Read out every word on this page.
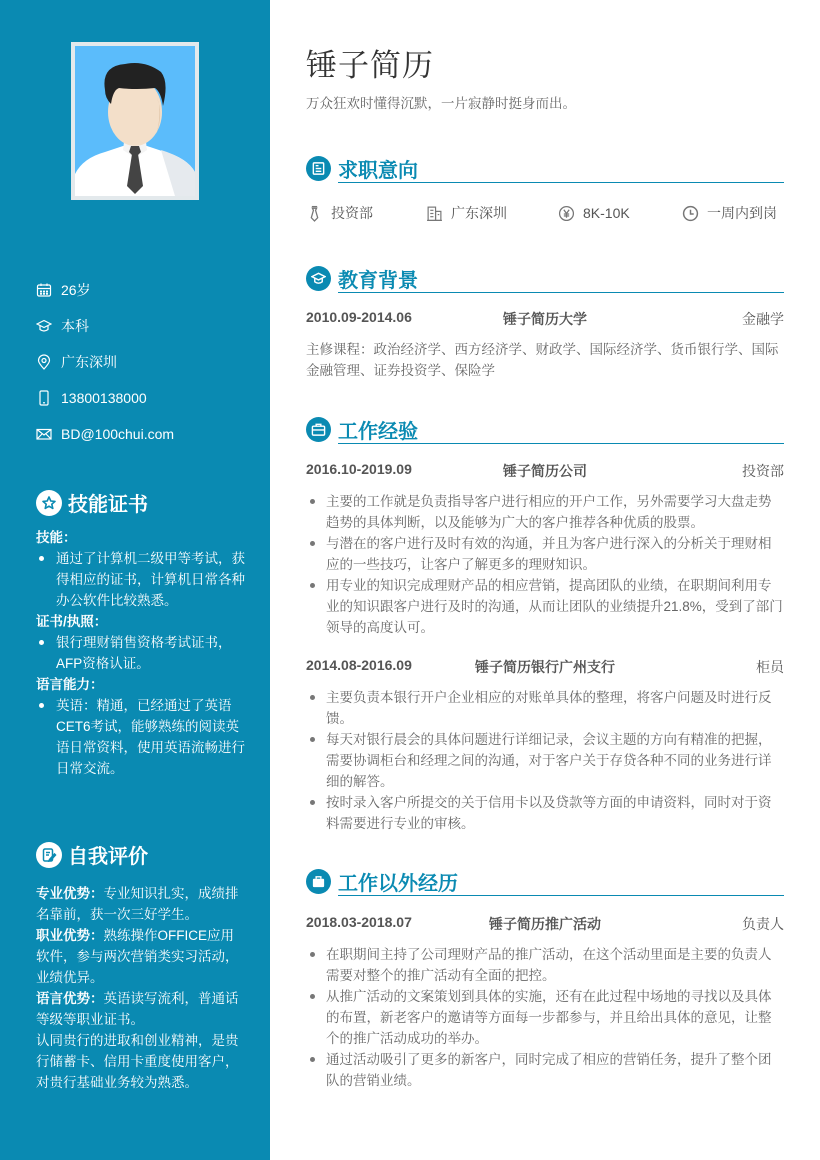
26岁
本科
广东深圳
13800138000
BD@100chui.com
技能证书
技能：
通过了计算机二级甲等考试，获得相应的证书，计算机日常各种办公软件比较熟悉。
证书/执照：
银行理财销售资格考试证书，AFP资格认证。
语言能力：
英语：精通，已经通过了英语CET6考试，能够熟练的阅读英语日常资料，使用英语流畅进行日常交流。
自我评价

专业优势：专业知识扎实，成绩排名靠前，获一次三好学生。

职业优势：熟练操作OFFICE应用软件，参与两次营销类实习活动，业绩优异。

语言优势：英语读写流利，普通话等级等职业证书。

认同贵行的进取和创业精神，是贵行储蓄卡、信用卡重度使用客户，对贵行基础业务较为熟悉。

锤子简历
万众狂欢时懂得沉默，一片寂静时挺身而出。
求职意向
投资部	广东深圳	8K-10K	一周内到岗
教育背景
2010.09-2014.06	锤子简历大学	金融学
主修课程：政治经济学、西方经济学、财政学、国际经济学、货币银行学、国际金融管理、证券投资学、保险学
工作经验
2016.10-2019.09	锤子简历公司	投资部
主要的工作就是负责指导客户进行相应的开户工作，另外需要学习大盘走势趋势的具体判断，以及能够为广大的客户推荐各种优质的股票。
与潜在的客户进行及时有效的沟通，并且为客户进行深入的分析关于理财相应的一些技巧，让客户了解更多的理财知识。
用专业的知识完成理财产品的相应营销，提高团队的业绩，在职期间利用专业的知识跟客户进行及时的沟通，从而让团队的业绩提升21.8%，受到了部门领导的高度认可。
2014.08-2016.09	锤子简历银行广州支行	柜员
主要负责本银行开户企业相应的对账单具体的整理，将客户问题及时进行反馈。
每天对银行晨会的具体问题进行详细记录，会议主题的方向有精准的把握，需要协调柜台和经理之间的沟通，对于客户关于存贷各种不同的业务进行详细的解答。
按时录入客户所提交的关于信用卡以及贷款等方面的申请资料，同时对于资料需要进行专业的审核。
工作以外经历
2018.03-2018.07	锤子简历推广活动	负责人
在职期间主持了公司理财产品的推广活动，在这个活动里面是主要的负责人需要对整个的推广活动有全面的把控。
从推广活动的文案策划到具体的实施，还有在此过程中场地的寻找以及具体的布置，新老客户的邀请等方面每一步都参与，并且给出具体的意见，让整个的推广活动成功的举办。
通过活动吸引了更多的新客户，同时完成了相应的营销任务，提升了整个团队的营销业绩。
